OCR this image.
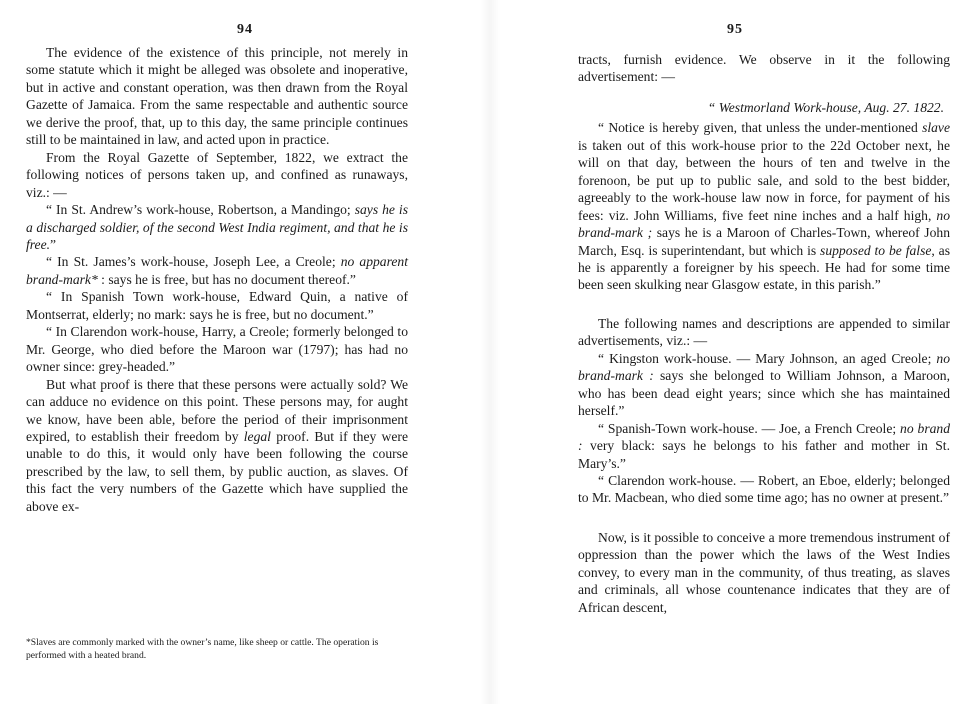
94

The evidence of the existence of this principle, not merely in some statute which it might be alleged was obsolete and inoperative, but in active and constant operation, was then drawn from the Royal Gazette of Jamaica. From the same respectable and authentic source we derive the proof, that, up to this day, the same principle continues still to be maintained in law, and acted upon in practice.

From the Royal Gazette of September, 1822, we extract the following notices of persons taken up, and confined as runaways, viz.: —

“ In St. Andrew’s work-house, Robertson, a Mandingo; says he is a discharged soldier, of the second West India regiment, and that he is free.”

“ In St. James’s work-house, Joseph Lee, a Creole; no apparent brand-mark* : says he is free, but has no document thereof.”

“ In Spanish Town work-house, Edward Quin, a native of Montserrat, elderly; no mark: says he is free, but no document.”

“ In Clarendon work-house, Harry, a Creole; formerly belonged to Mr. George, who died before the Maroon war (1797); has had no owner since: grey-headed.”

But what proof is there that these persons were actually sold? We can adduce no evidence on this point. These persons may, for aught we know, have been able, before the period of their imprisonment expired, to establish their freedom by legal proof. But if they were unable to do this, it would only have been following the course prescribed by the law, to sell them, by public auction, as slaves. Of this fact the very numbers of the Gazette which have supplied the above ex-

*Slaves are commonly marked with the owner’s name, like sheep or cattle. The operation is performed with a heated brand.
95

tracts, furnish evidence. We observe in it the following advertisement: —

“ Westmorland Work-house, Aug. 27. 1822.

“ Notice is hereby given, that unless the under-mentioned slave is taken out of this work-house prior to the 22d October next, he will on that day, between the hours of ten and twelve in the forenoon, be put up to public sale, and sold to the best bidder, agreeably to the work-house law now in force, for payment of his fees: viz. John Williams, five feet nine inches and a half high, no brand-mark ; says he is a Maroon of Charles-Town, whereof John March, Esq. is superintendant, but which is supposed to be false, as he is apparently a foreigner by his speech. He had for some time been seen skulking near Glasgow estate, in this parish.”

The following names and descriptions are appended to similar advertisements, viz.: —

“ Kingston work-house. — Mary Johnson, an aged Creole; no brand-mark : says she belonged to William Johnson, a Maroon, who has been dead eight years; since which she has maintained herself.”

“ Spanish-Town work-house. — Joe, a French Creole; no brand : very black: says he belongs to his father and mother in St. Mary’s.”

“ Clarendon work-house. — Robert, an Eboe, elderly; belonged to Mr. Macbean, who died some time ago; has no owner at present.”

Now, is it possible to conceive a more tremendous instrument of oppression than the power which the laws of the West Indies convey, to every man in the community, of thus treating, as slaves and criminals, all whose countenance indicates that they are of African descent,
